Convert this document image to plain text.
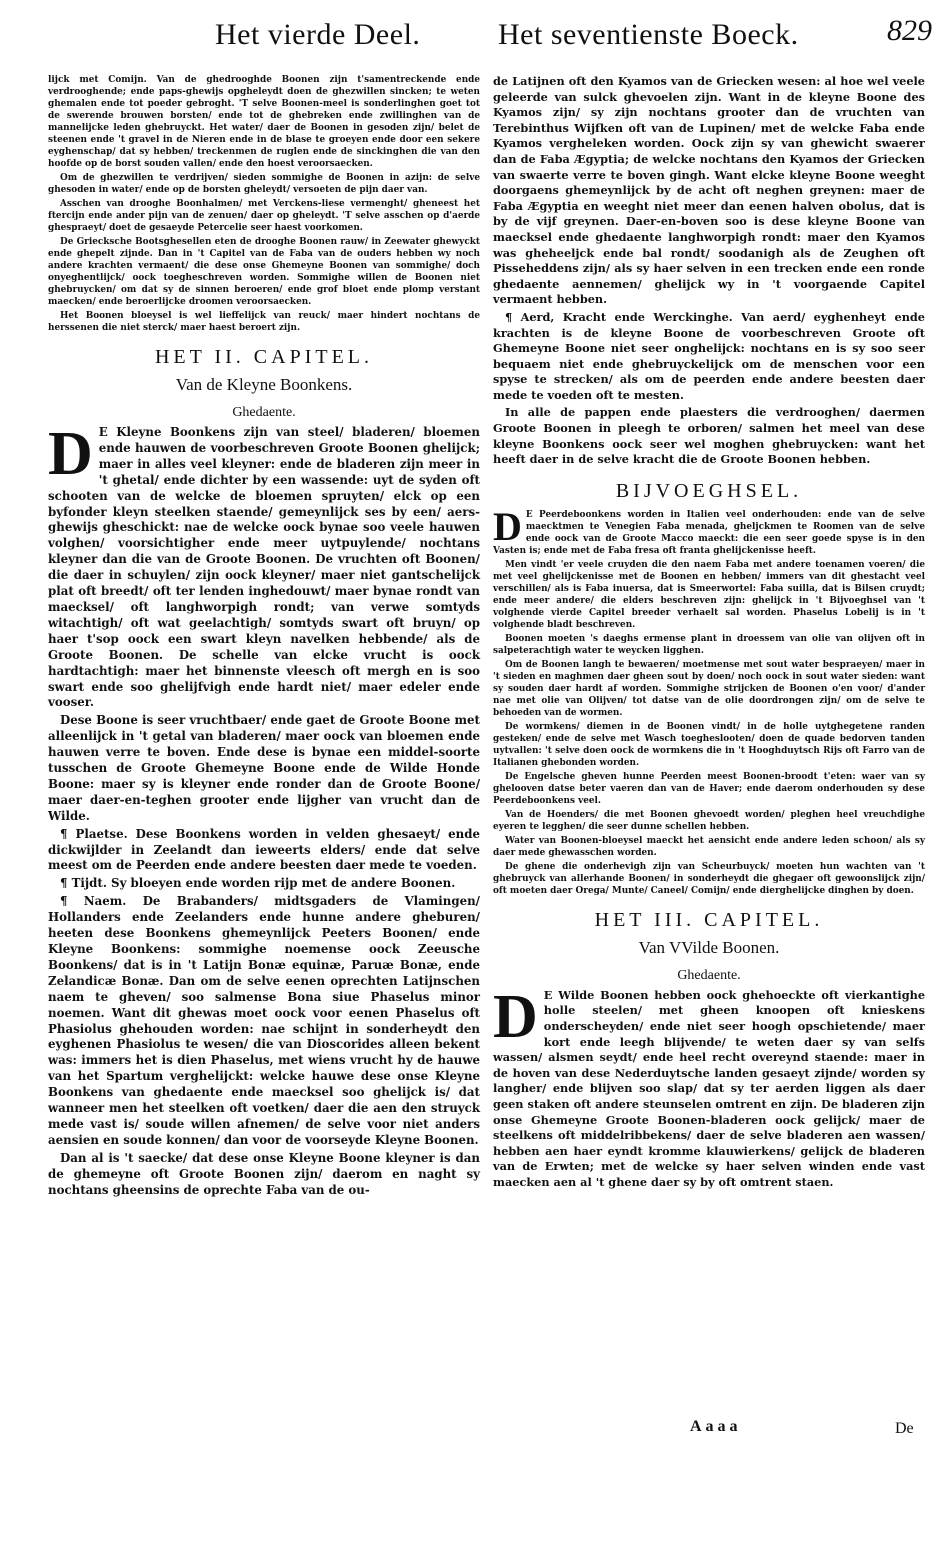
Het vierde Deel.	Het seventienste Boeck.	829

lijck met Comijn. Van de ghedrooghde Boonen zijn t'samentreckende ende verdrooghende; ende paps-ghewijs opgheleydt doen de ghezwillen sincken; te weten ghemalen ende tot poeder gebroght. 'T selve Boonen-meel is sonderlinghen goet tot de swerende brouwen borsten/ ende tot de ghebreken ende zwillinghen van de mannelijcke leden ghebruyckt. Het water/ daer de Boonen in gesoden zijn/ belet de steenen ende 't gravel in de Nieren ende in de blase te groeyen ende door een sekere eyghenschap/ dat sy hebben/ treckenmen de ruglen ende de sinckinghen die van den hoofde op de borst souden vallen/ ende den hoest veroorsaecken.

Om de ghezwillen te verdrijven/ sieden sommighe de Boonen in azijn: de selve ghesoden in water/ ende op de borsten gheleydt/ versoeten de pijn daer van.

Asschen van drooghe Boonhalmen/ met Verckens-liese vermenght/ gheneest het ftercijn ende ander pijn van de zenuen/ daer op gheleydt. 'T selve asschen op d'aerde ghespraeyt/ doet de gesaeyde Petercelie seer haest voorkomen.

De Griecksche Bootsghesellen eten de drooghe Boonen rauw/ in Zeewater ghewyckt ende ghepelt zijnde. Dan in 't Capitel van de Faba van de ouders hebben wy noch andere krachten vermaent/ die dese onse Ghemeyne Boonen van sommighe/ doch onyeghentlijck/ oock toegheschreven worden. Sommighe willen de Boonen niet ghebruycken/ om dat sy de sinnen beroeren/ ende grof bloet ende plomp verstant maecken/ ende beroerlijcke droomen veroorsaecken.

Het Boonen bloeysel is wel lieffelijck van reuck/ maer hindert nochtans de herssenen die niet sterck/ maer haest beroert zijn.

HET II. CAPITEL.
Van de Kleyne Boonkens.
Ghedaente.

D E Kleyne Boonkens zijn van steel/ bladeren/ bloemen ende hauwen de voorbeschreven Groote Boonen ghelijck; maer in alles veel kleyner: ende de bladeren zijn meer in 't ghetal/ ende dichter by een wassende: uyt de syden oft schooten van de welcke de bloemen spruyten/ elck op een byfonder kleyn steelken staende/ gemeynlijck ses by een/ aers-ghewijs gheschickt: nae de welcke oock bynae soo veele hauwen volghen/ voorsichtigher ende meer uytpuylende/ nochtans kleyner dan die van de Groote Boonen. De vruchten oft Boonen/ die daer in schuylen/ zijn oock kleyner/ maer niet gantschelijck plat oft breedt/ oft ter lenden inghedouwt/ maer bynae rondt van maecksel/ oft langhworpigh rondt; van verwe somtyds witachtigh/ oft wat geelachtigh/ somtyds swart oft bruyn/ op haer t'sop oock een swart kleyn navelken hebbende/ als de Groote Boonen. De schelle van elcke vrucht is oock hardtachtigh: maer het binnenste vleesch oft mergh en is soo swart ende soo ghelijfvigh ende hardt niet/ maer edeler ende vooser.

Dese Boone is seer vruchtbaer/ ende gaet de Groote Boone met alleenlijck in 't getal van bladeren/ maer oock van bloemen ende hauwen verre te boven. Ende dese is bynae een middel-soorte tusschen de Groote Ghemeyne Boone ende de Wilde Honde Boone: maer sy is kleyner ende ronder dan de Groote Boone/ maer daer-en-teghen grooter ende lijgher van vrucht dan de Wilde.

¶ Plaetse. Dese Boonkens worden in velden ghesaeyt/ ende dickwijlder in Zeelandt dan ieweerts elders/ ende dat selve meest om de Peerden ende andere beesten daer mede te voeden.

¶ Tijdt. Sy bloeyen ende worden rijp met de andere Boonen.

¶ Naem. De Brabanders/ midtsgaders de Vlamingen/ Hollanders ende Zeelanders ende hunne andere gheburen/ heeten dese Boonkens ghemeynlijck Peeters Boonen/ ende Kleyne Boonkens: sommighe noemense oock Zeeusche Boonkens/ dat is in 't Latijn Bonæ equinæ, Paruæ Bonæ, ende Zelandicæ Bonæ. Dan om de selve eenen oprechten Latijnschen naem te gheven/ soo salmense Bona siue Phaselus minor noemen. Want dit ghewas moet oock voor eenen Phaselus oft Phasiolus ghehouden worden: nae schijnt in sonderheydt den eyghenen Phasiolus te wesen/ die van Dioscorides alleen bekent was: immers het is dien Phaselus, met wiens vrucht hy de hauwe van het Spartum verghelijckt: welcke hauwe dese onse Kleyne Boonkens van ghedaente ende maecksel soo ghelijck is/ dat wanneer men het steelken oft voetken/ daer die aen den struyck mede vast is/ soude willen afnemen/ de selve voor niet anders aensien en soude konnen/ dan voor de voorseyde Kleyne Boonen.

Dan al is 't saecke/ dat dese onse Kleyne Boone kleyner is dan de ghemeyne oft Groote Boonen zijn/ daerom en naght sy nochtans gheensins de oprechte Faba van de ou-

de Latijnen oft den Kyamos van de Griecken wesen: al hoe wel veele geleerde van sulck ghevoelen zijn. Want in de kleyne Boone des Kyamos zijn/ sy zijn nochtans grooter dan de vruchten van Terebinthus Wijfken oft van de Lupinen/ met de welcke Faba ende Kyamos vergheleken worden. Oock zijn sy van ghewicht swaerer dan de Faba Ægyptia; de welcke nochtans den Kyamos der Griecken van swaerte verre te boven gingh. Want elcke kleyne Boone weeght doorgaens ghemeynlijck by de acht oft neghen greynen: maer de Faba Ægyptia en weeght niet meer dan eenen halven obolus, dat is by de vijf greynen. Daer-en-boven soo is dese kleyne Boone van maecksel ende ghedaente langhworpigh rondt: maer den Kyamos was gheheeljck ende bal rondt/ soodanigh als de Zeughen oft Pisseheddens zijn/ als sy haer selven in een trecken ende een ronde ghedaente aennemen/ ghelijck wy in 't voorgaende Capitel vermaent hebben.

¶ Aerd, Kracht ende Werckinghe. Van aerd/ eyghenheyt ende krachten is de kleyne Boone de voorbeschreven Groote oft Ghemeyne Boone niet seer onghelijck: nochtans en is sy soo seer bequaem niet ende ghebruyckelijck om de menschen voor een spyse te strecken/ als om de peerden ende andere beesten daer mede te voeden oft te mesten.

In alle de pappen ende plaesters die verdrooghen/ daermen Groote Boonen in pleegh te orboren/ salmen het meel van dese kleyne Boonkens oock seer wel moghen ghebruycken: want het heeft daer in de selve kracht die de Groote Boonen hebben.

BIJVOEGHSEL.

D E Peerdeboonkens worden in Italien veel onderhouden: ende van de selve maecktmen te Venegien Faba menada, gheljckmen te Roomen van de selve ende oock van de Groote Macco maeckt: die een seer goede spyse is in den Vasten is; ende met de Faba fresa oft franta ghelijckenisse heeft.

Men vindt 'er veele cruyden die den naem Faba met andere toenamen voeren/ die met veel ghelijckenisse met de Boonen en hebben/ immers van dit ghestacht veel verschillen/ als is Faba inuersa, dat is Smeerwortel: Faba suilla, dat is Bilsen cruydt; ende meer andere/ die elders beschreven zijn: ghelijck in 't Bijvoeghsel van 't volghende vierde Capitel breeder verhaelt sal worden. Phaselus Lobelij is in 't volghende bladt beschreven.

Boonen moeten 's daeghs ermense plant in droessem van olie van olijven oft in salpeterachtigh water te weycken ligghen.

Om de Boonen langh te bewaeren/ moetmense met sout water bespraeyen/ maer in 't sieden en maghmen daer gheen sout by doen/ noch oock in sout water sieden: want sy souden daer hardt af worden. Sommighe strijcken de Boonen o'en voor/ d'ander nae met olie van Olijven/ tot datse van de olie doordrongen zijn/ om de selve te behoeden van de wormen.

De wormkens/ diemen in de Boonen vindt/ in de holle uytghegetene randen gesteken/ ende de selve met Wasch toegheslooten/ doen de quade bedorven tanden uytvallen: 't selve doen oock de wormkens die in 't Hooghduytsch Rijs oft Farro van de Italianen ghebonden worden.

De Engelsche gheven hunne Peerden meest Boonen-broodt t'eten: waer van sy ghelooven datse beter vaeren dan van de Haver; ende daerom onderhouden sy dese Peerdeboonkens veel.

Van de Hoenders/ die met Boonen ghevoedt worden/ pleghen heel vreuchdighe eyeren te legghen/ die seer dunne schellen hebben.

Water van Boonen-bloeysel maeckt het aensicht ende andere leden schoon/ als sy daer mede ghewasschen worden.

De ghene die onderhevigh zijn van Scheurbuyck/ moeten hun wachten van 't ghebruyck van allerhande Boonen/ in sonderheydt die ghegaer oft gewoonslijck zijn/ oft moeten daer Orega/ Munte/ Caneel/ Comijn/ ende dierghelijcke dinghen by doen.

HET III. CAPITEL.
Van VVilde Boonen.
Ghedaente.

D E Wilde Boonen hebben oock ghehoeckte oft vierkantighe holle steelen/ met gheen knoopen oft knieskens onderscheyden/ ende niet seer hoogh opschietende/ maer kort ende leegh blijvende/ te weten daer sy van selfs wassen/ alsmen seydt/ ende heel recht overeynd staende: maer in de hoven van dese Nederduytsche landen gesaeyt zijnde/ worden sy langher/ ende blijven soo slap/ dat sy ter aerden liggen als daer geen staken oft andere steunselen omtrent en zijn. De bladeren zijn onse Ghemeyne Groote Boonen-bladeren oock gelijck/ maer de steelkens oft middelribbekens/ daer de selve bladeren aen wassen/ hebben aen haer eyndt kromme klauwierkens/ gelijck de bladeren van de Erwten; met de welcke sy haer selven winden ende vast maecken aen al 't ghene daer sy by oft omtrent staen.

Aaaa	De
